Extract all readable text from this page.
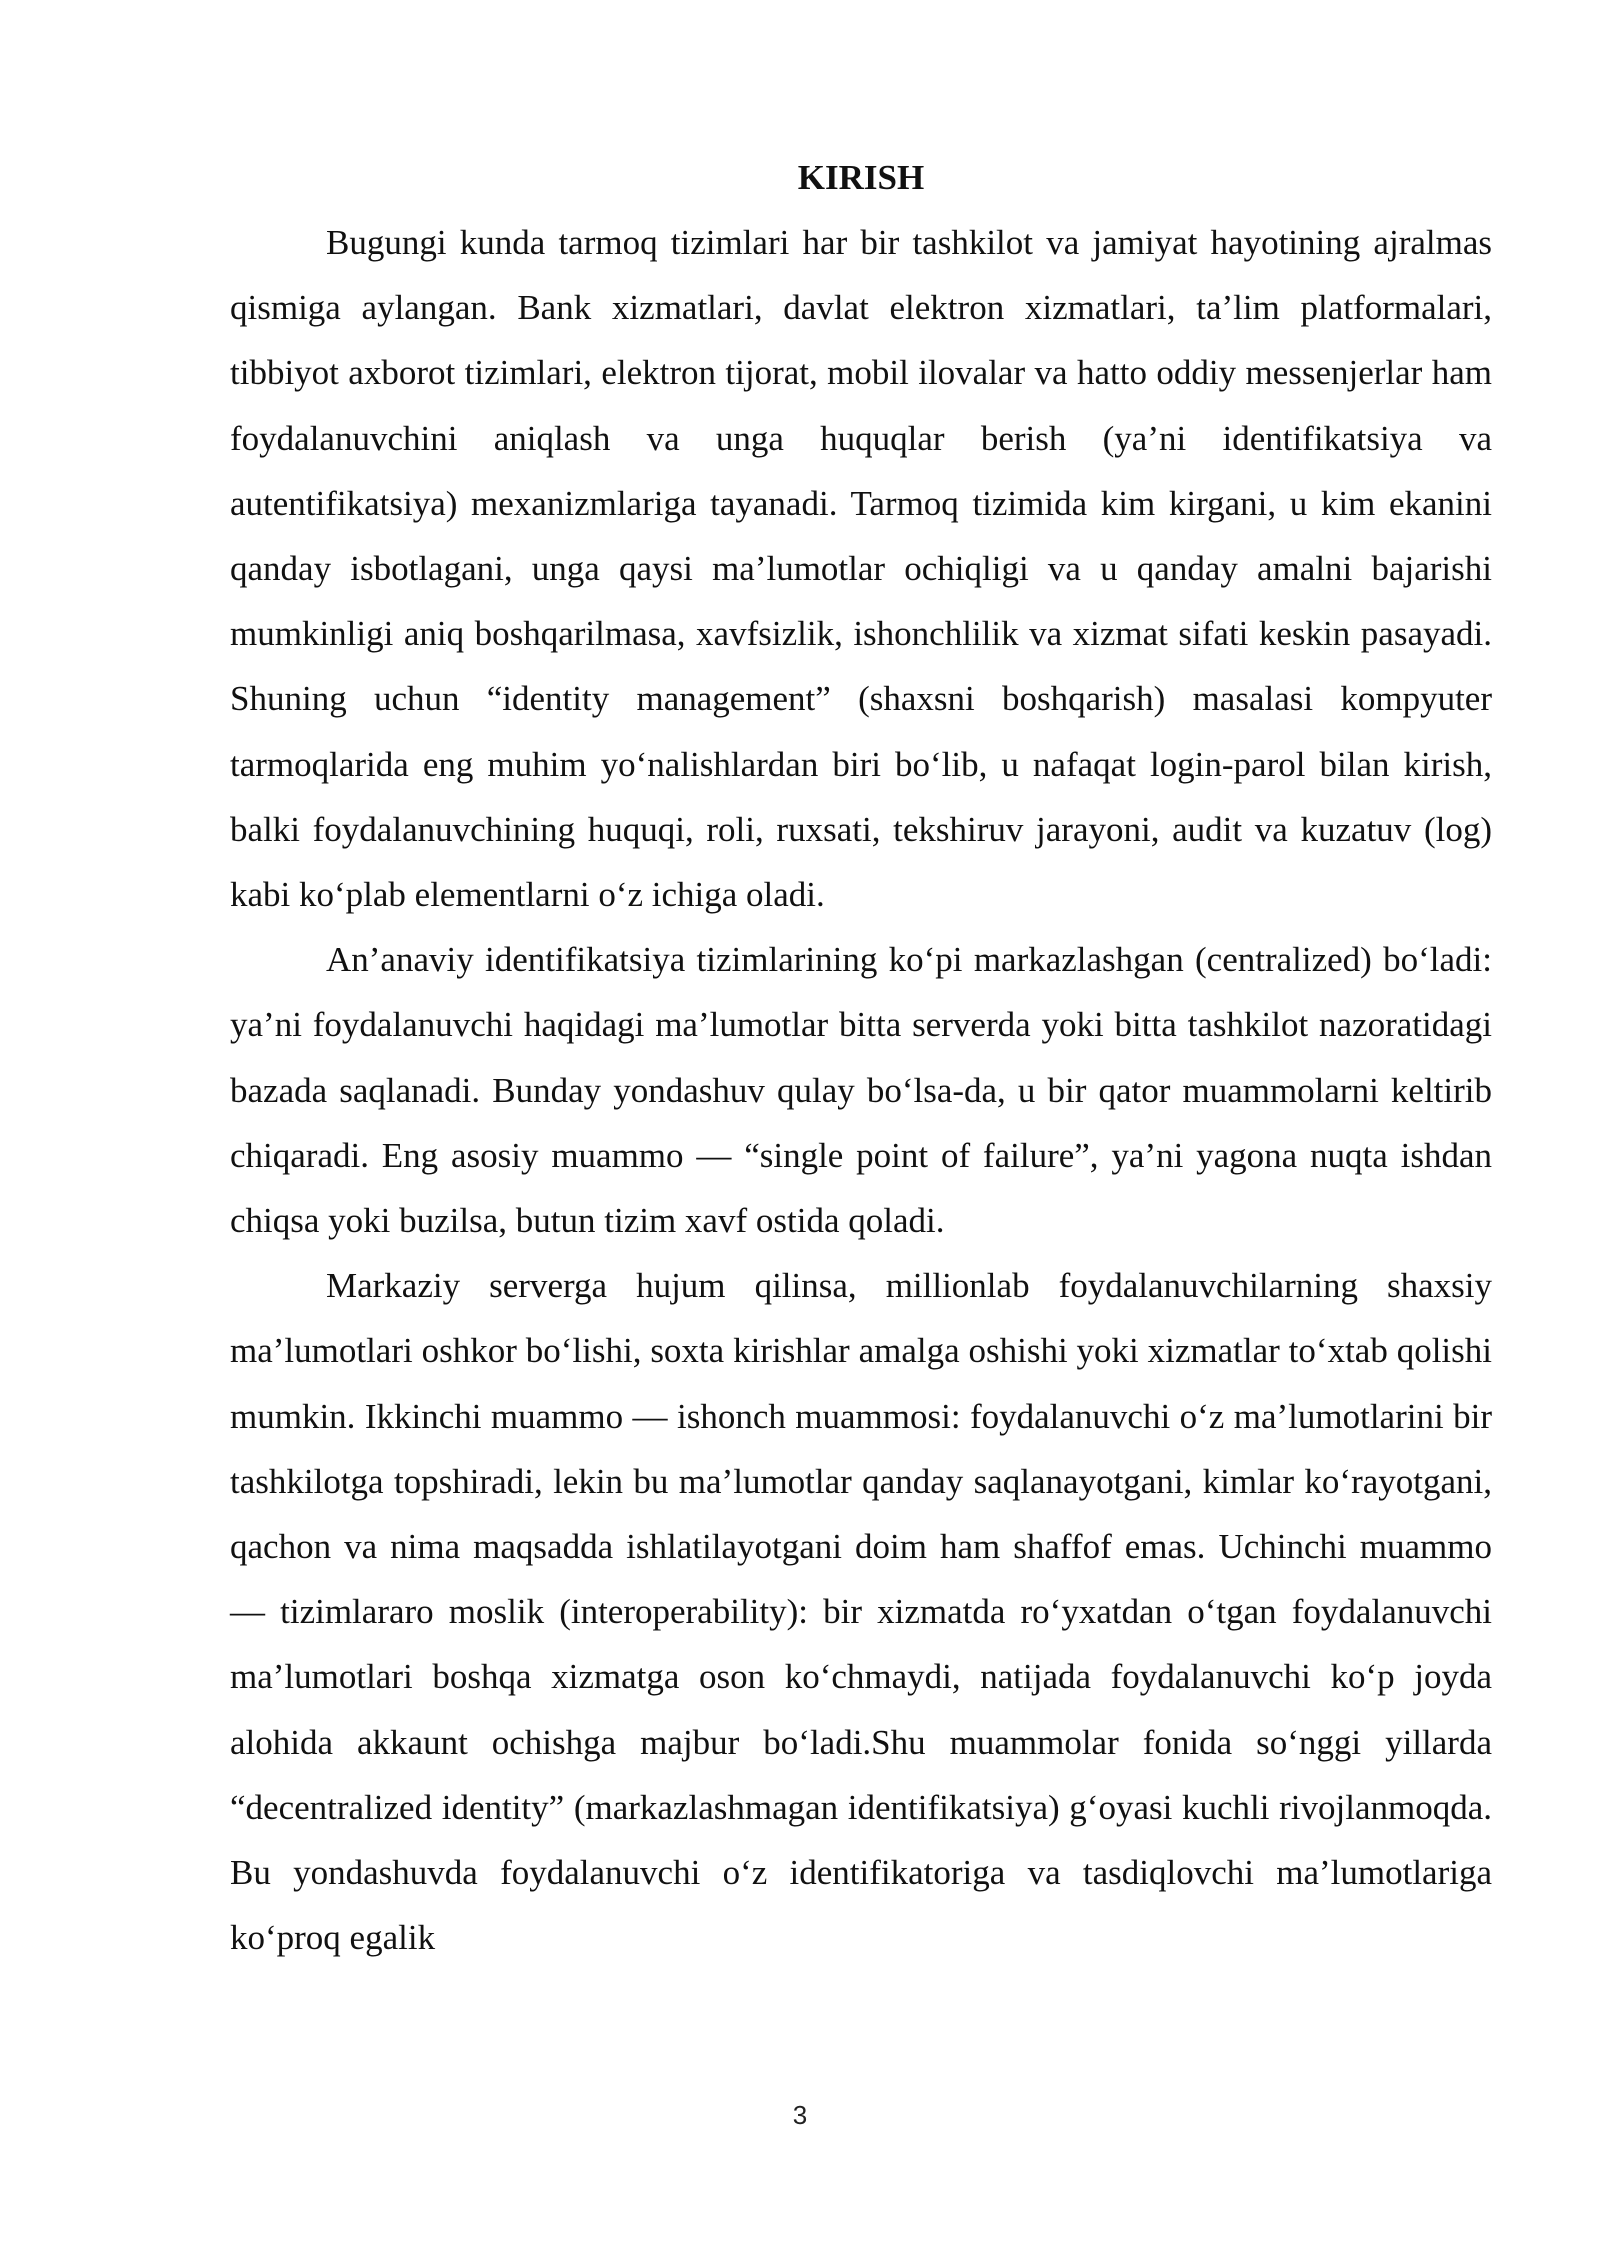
KIRISH

Bugungi kunda tarmoq tizimlari har bir tashkilot va jamiyat hayotining ajralmas qismiga aylangan. Bank xizmatlari, davlat elektron xizmatlari, ta’lim platformalari, tibbiyot axborot tizimlari, elektron tijorat, mobil ilovalar va hatto oddiy messenjerlar ham foydalanuvchini aniqlash va unga huquqlar berish (ya’ni identifikatsiya va autentifikatsiya) mexanizmlariga tayanadi. Tarmoq tizimida kim kirgani, u kim ekanini qanday isbotlagani, unga qaysi ma’lumotlar ochiqligi va u qanday amalni bajarishi mumkinligi aniq boshqarilmasa, xavfsizlik, ishonchlilik va xizmat sifati keskin pasayadi. Shuning uchun “identity management” (shaxsni boshqarish) masalasi kompyuter tarmoqlarida eng muhim yo‘nalishlardan biri bo‘lib, u nafaqat login-parol bilan kirish, balki foydalanuvchining huquqi, roli, ruxsati, tekshiruv jarayoni, audit va kuzatuv (log) kabi ko‘plab elementlarni o‘z ichiga oladi.

An’anaviy identifikatsiya tizimlarining ko‘pi markazlashgan (centralized) bo‘ladi: ya’ni foydalanuvchi haqidagi ma’lumotlar bitta serverda yoki bitta tashkilot nazoratidagi bazada saqlanadi. Bunday yondashuv qulay bo‘lsa-da, u bir qator muammolarni keltirib chiqaradi. Eng asosiy muammo — “single point of failure”, ya’ni yagona nuqta ishdan chiqsa yoki buzilsa, butun tizim xavf ostida qoladi.

Markaziy serverga hujum qilinsa, millionlab foydalanuvchilarning shaxsiy ma’lumotlari oshkor bo‘lishi, soxta kirishlar amalga oshishi yoki xizmatlar to‘xtab qolishi mumkin. Ikkinchi muammo — ishonch muammosi: foydalanuvchi o‘z ma’lumotlarini bir tashkilotga topshiradi, lekin bu ma’lumotlar qanday saqlanayotgani, kimlar ko‘rayotgani, qachon va nima maqsadda ishlatilayotgani doim ham shaffof emas. Uchinchi muammo — tizimlararo moslik (interoperability): bir xizmatda ro‘yxatdan o‘tgan foydalanuvchi ma’lumotlari boshqa xizmatga oson ko‘chmaydi, natijada foydalanuvchi ko‘p joyda alohida akkaunt ochishga majbur bo‘ladi.Shu muammolar fonida so‘nggi yillarda “decentralized identity” (markazlashmagan identifikatsiya) g‘oyasi kuchli rivojlanmoqda. Bu yondashuvda foydalanuvchi o‘z identifikatoriga va tasdiqlovchi ma’lumotlariga ko‘proq egalik

3
